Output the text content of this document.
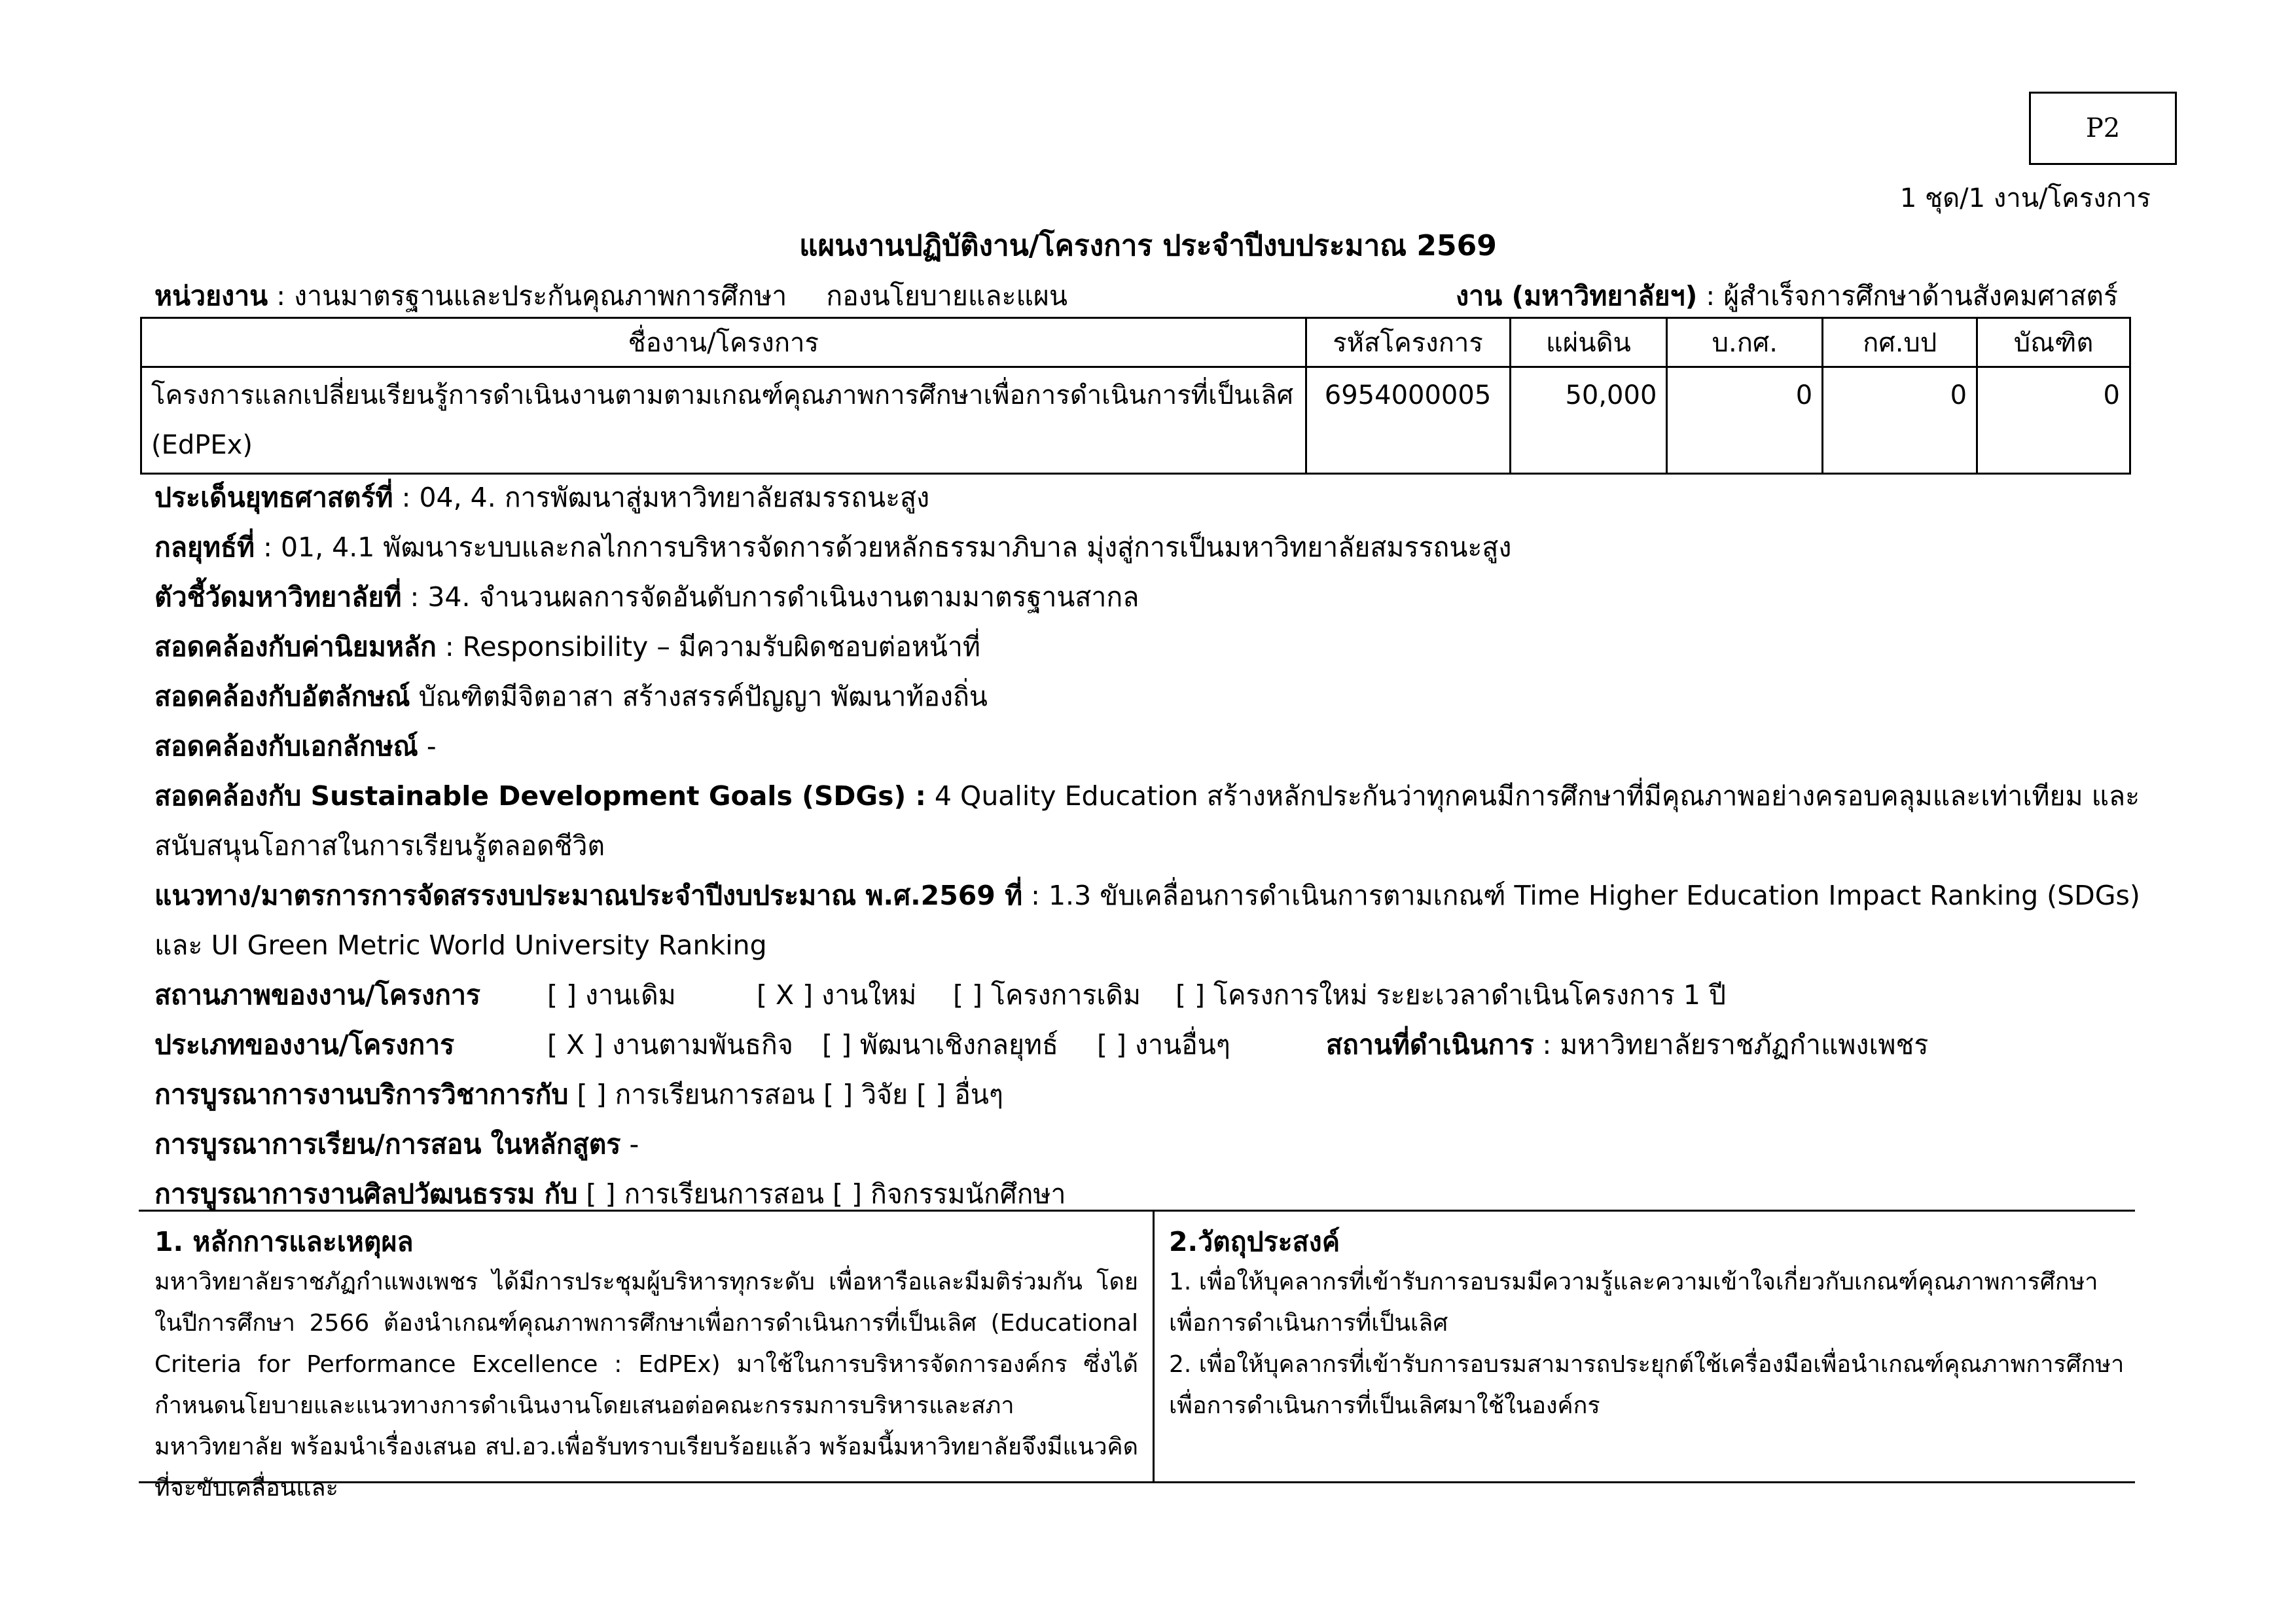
P2
1 ชุด/1 งาน/โครงการ
แผนงานปฏิบัติงาน/โครงการ ประจำปีงบประมาณ 2569
หน่วยงาน : งานมาตรฐานและประกันคุณภาพการศึกษา กองนโยบายและแผน	งาน (มหาวิทยาลัยฯ) : ผู้สำเร็จการศึกษาด้านสังคมศาสตร์
ชื่องาน/โครงการ	รหัสโครงการ	แผ่นดิน	บ.กศ.	กศ.บป	บัณฑิต
โครงการแลกเปลี่ยนเรียนรู้การดำเนินงานตามตามเกณฑ์คุณภาพการศึกษาเพื่อการดำเนินการที่เป็นเลิศ (EdPEx)	6954000005	50,000	0	0	0
ประเด็นยุทธศาสตร์ที่ : 04, 4. การพัฒนาสู่มหาวิทยาลัยสมรรถนะสูง
กลยุทธ์ที่ : 01, 4.1 พัฒนาระบบและกลไกการบริหารจัดการด้วยหลักธรรมาภิบาล มุ่งสู่การเป็นมหาวิทยาลัยสมรรถนะสูง
ตัวชี้วัดมหาวิทยาลัยที่ : 34. จำนวนผลการจัดอันดับการดำเนินงานตามมาตรฐานสากล
สอดคล้องกับค่านิยมหลัก : Responsibility – มีความรับผิดชอบต่อหน้าที่
สอดคล้องกับอัตลักษณ์ บัณฑิตมีจิตอาสา สร้างสรรค์ปัญญา พัฒนาท้องถิ่น
สอดคล้องกับเอกลักษณ์ -
สอดคล้องกับ Sustainable Development Goals (SDGs) : 4 Quality Education สร้างหลักประกันว่าทุกคนมีการศึกษาที่มีคุณภาพอย่างครอบคลุมและเท่าเทียม และสนับสนุนโอกาสในการเรียนรู้ตลอดชีวิต
แนวทาง/มาตรการการจัดสรรงบประมาณประจำปีงบประมาณ พ.ศ.2569 ที่ : 1.3 ขับเคลื่อนการดำเนินการตามเกณฑ์ Time Higher Education Impact Ranking (SDGs) และ UI Green Metric World University Ranking
สถานภาพของงาน/โครงการ [ ] งานเดิม	[ X ] งานใหม่ [ ] โครงการเดิม [ ] โครงการใหม่ ระยะเวลาดำเนินโครงการ 1 ปี
ประเภทของงาน/โครงการ	[ X ] งานตามพันธกิจ [ ] พัฒนาเชิงกลยุทธ์ [ ] งานอื่นๆ	สถานที่ดำเนินการ : มหาวิทยาลัยราชภัฏกำแพงเพชร
การบูรณาการงานบริการวิชาการกับ [ ] การเรียนการสอน [ ] วิจัย [ ] อื่นๆ
การบูรณาการเรียน/การสอน ในหลักสูตร -
การบูรณาการงานศิลปวัฒนธรรม กับ [ ] การเรียนการสอน [ ] กิจกรรมนักศึกษา
1. หลักการและเหตุผล
มหาวิทยาลัยราชภัฏกำแพงเพชร ได้มีการประชุมผู้บริหารทุกระดับ เพื่อหารือและมีมติร่วมกัน โดยในปีการศึกษา 2566 ต้องนำเกณฑ์คุณภาพการศึกษาเพื่อการดำเนินการที่เป็นเลิศ (Educational Criteria for Performance Excellence : EdPEx) มาใช้ในการบริหารจัดการองค์กร ซึ่งได้กำหนดนโยบายและแนวทางการดำเนินงานโดยเสนอต่อคณะกรรมการบริหารและสภามหาวิทยาลัย พร้อมนำเรื่องเสนอ สป.อว.เพื่อรับทราบเรียบร้อยแล้ว พร้อมนี้มหาวิทยาลัยจึงมีแนวคิดที่จะขับเคลื่อนและ
2.วัตถุประสงค์
1. เพื่อให้บุคลากรที่เข้ารับการอบรมมีความรู้และความเข้าใจเกี่ยวกับเกณฑ์คุณภาพการศึกษาเพื่อการดำเนินการที่เป็นเลิศ
2. เพื่อให้บุคลากรที่เข้ารับการอบรมสามารถประยุกต์ใช้เครื่องมือเพื่อนำเกณฑ์คุณภาพการศึกษาเพื่อการดำเนินการที่เป็นเลิศมาใช้ในองค์กร
